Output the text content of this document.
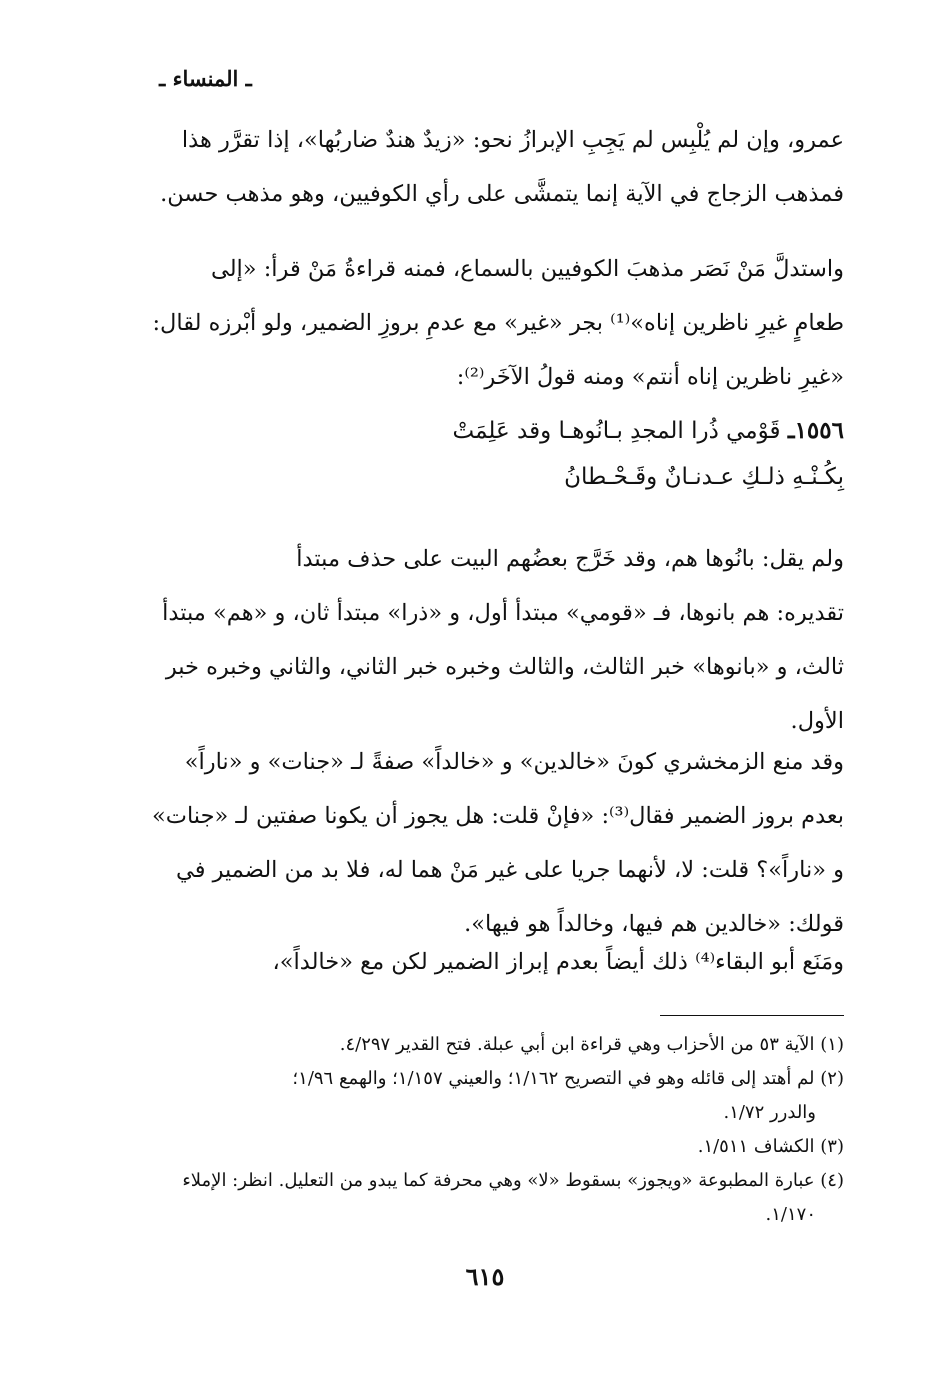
ـ المنساء ـ
عمرو، وإن لم يُلْبِس لم يَجِبِ الإبرازُ نحو: «زيدٌ هندٌ ضاربُها»، إذا تقرَّر هذا
فمذهب الزجاج في الآية إنما يتمشَّى على رأي الكوفيين، وهو مذهب حسن.
واستدلَّ مَنْ نَصَر مذهبَ الكوفيين بالسماع، فمنه قراءةُ مَنْ قرأ: «إلى
طعامٍ غيرِ ناظرين إناه»⁽¹⁾ بجر «غير» مع عدمِ بروزِ الضمير، ولو أبْرزه لقال:
«غيرِ ناظرين إناه أنتم» ومنه قولُ الآخَر⁽²⁾:
١٥٥٦ـ قَوْمي ذُرا المجدِ بـانُوهـا وقد عَلِمَتْ
بِكُـنْـهِ ذلـكِ عـدنـانٌ وقَـحْـطانُ
ولم يقل: بانُوها هم، وقد خَرَّج بعضُهم البيت على حذف مبتدأ
تقديره: هم بانوها، فـ «قومي» مبتدأ أول، و «ذرا» مبتدأ ثان، و «هم» مبتدأ
ثالث، و «بانوها» خبر الثالث، والثالث وخبره خبر الثاني، والثاني وخبره خبر
الأول.
وقد منع الزمخشري كونَ «خالدين» و «خالداً» صفةً لـ «جنات» و «ناراً»
بعدم بروز الضمير فقال⁽³⁾: «فإنْ قلت: هل يجوز أن يكونا صفتين لـ «جنات»
و «ناراً»؟ قلت: لا، لأنهما جريا على غير مَنْ هما له، فلا بد من الضمير في
قولك: «خالدين هم فيها، وخالداً هو فيها».
ومَنَع أبو البقاء⁽⁴⁾ ذلك أيضاً بعدم إبراز الضمير لكن مع «خالداً»،
(١) الآية ٥٣ من الأحزاب وهي قراءة ابن أبي عبلة. فتح القدير ٤/٢٩٧.
(٢) لم أهتد إلى قائله وهو في التصريح ١/١٦٢؛ والعيني ١/١٥٧؛ والهمع ١/٩٦؛
والدرر ١/٧٢.
(٣) الكشاف ١/٥١١.
(٤) عبارة المطبوعة «ويجوز» بسقوط «لا» وهي محرفة كما يبدو من التعليل. انظر: الإملاء
١/١٧٠.
٦١٥
